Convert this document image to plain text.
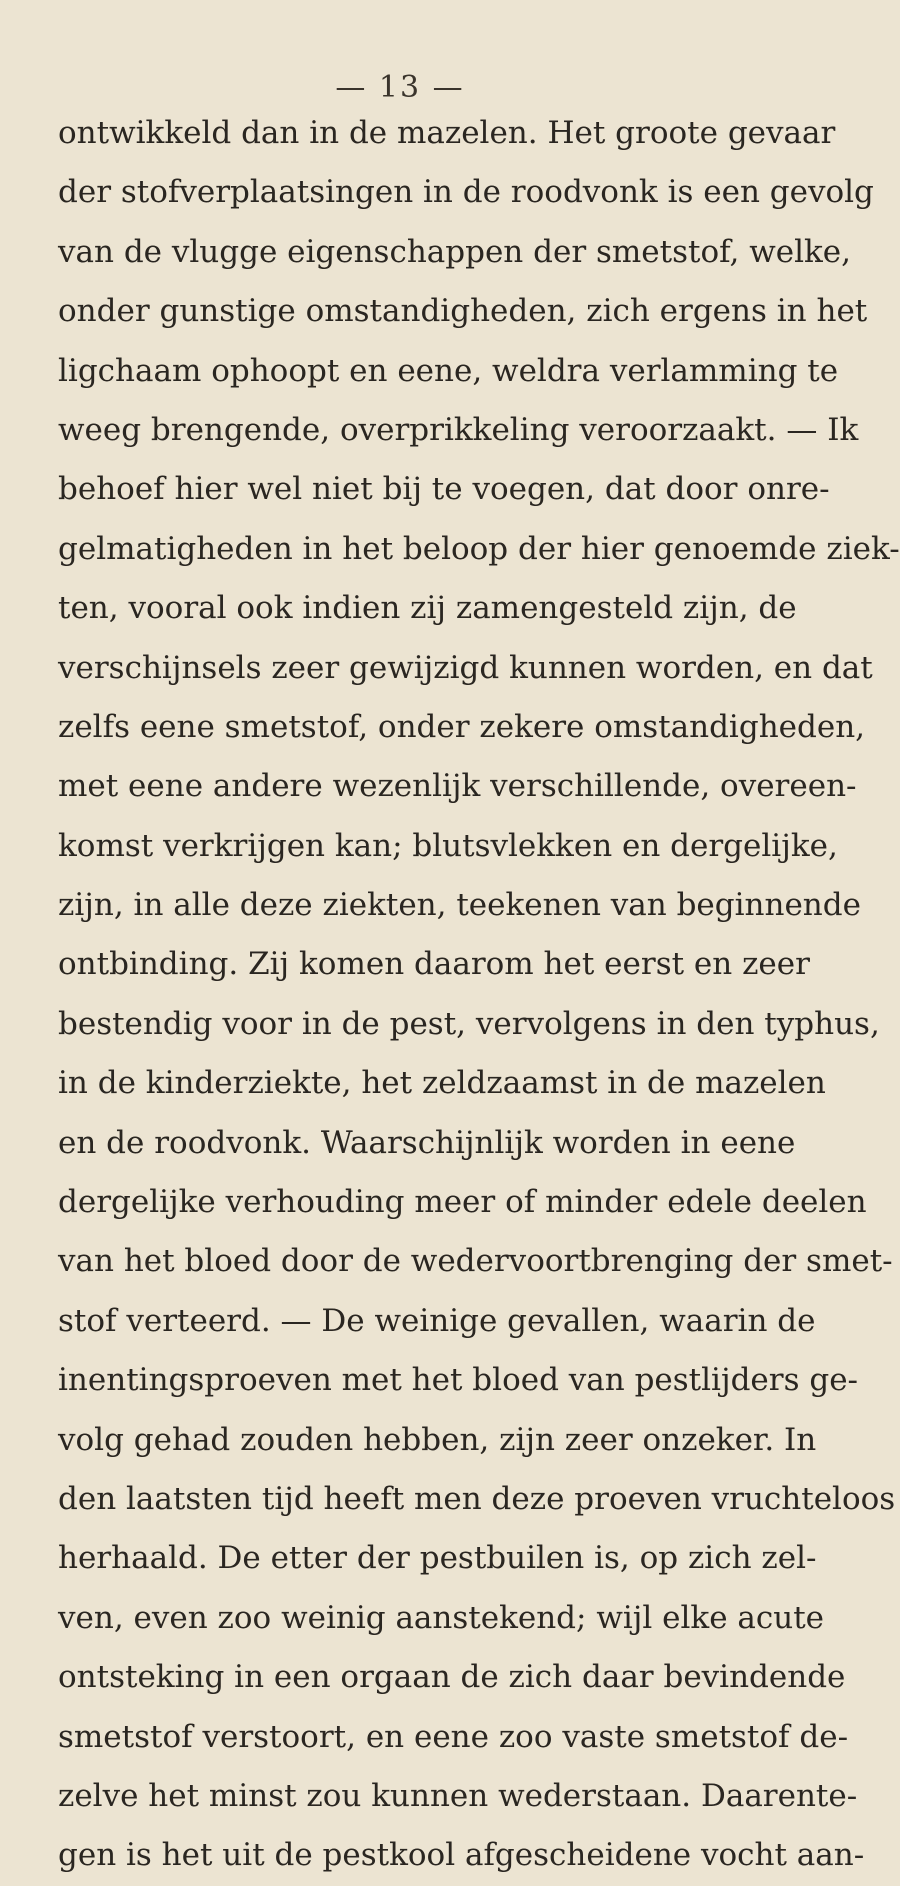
— 13 —
ontwikkeld dan in de mazelen. Het groote gevaar
der stofverplaatsingen in de roodvonk is een gevolg
van de vlugge eigenschappen der smetstof, welke,
onder gunstige omstandigheden, zich ergens in het
ligchaam ophoopt en eene, weldra verlamming te
weeg brengende, overprikkeling veroorzaakt. — Ik
behoef hier wel niet bij te voegen, dat door onre-
gelmatigheden in het beloop der hier genoemde ziek-
ten, vooral ook indien zij zamengesteld zijn, de
verschijnsels zeer gewijzigd kunnen worden, en dat
zelfs eene smetstof, onder zekere omstandigheden,
met eene andere wezenlijk verschillende, overeen-
komst verkrijgen kan; blutsvlekken en dergelijke,
zijn, in alle deze ziekten, teekenen van beginnende
ontbinding. Zij komen daarom het eerst en zeer
bestendig voor in de pest, vervolgens in den typhus,
in de kinderziekte, het zeldzaamst in de mazelen
en de roodvonk. Waarschijnlijk worden in eene
dergelijke verhouding meer of minder edele deelen
van het bloed door de wedervoortbrenging der smet-
stof verteerd. — De weinige gevallen, waarin de
inentingsproeven met het bloed van pestlijders ge-
volg gehad zouden hebben, zijn zeer onzeker. In
den laatsten tijd heeft men deze proeven vruchteloos
herhaald. De etter der pestbuilen is, op zich zel-
ven, even zoo weinig aanstekend; wijl elke acute
ontsteking in een orgaan de zich daar bevindende
smetstof verstoort, en eene zoo vaste smetstof de-
zelve het minst zou kunnen wederstaan. Daarente-
gen is het uit de pestkool afgescheidene vocht aan-
